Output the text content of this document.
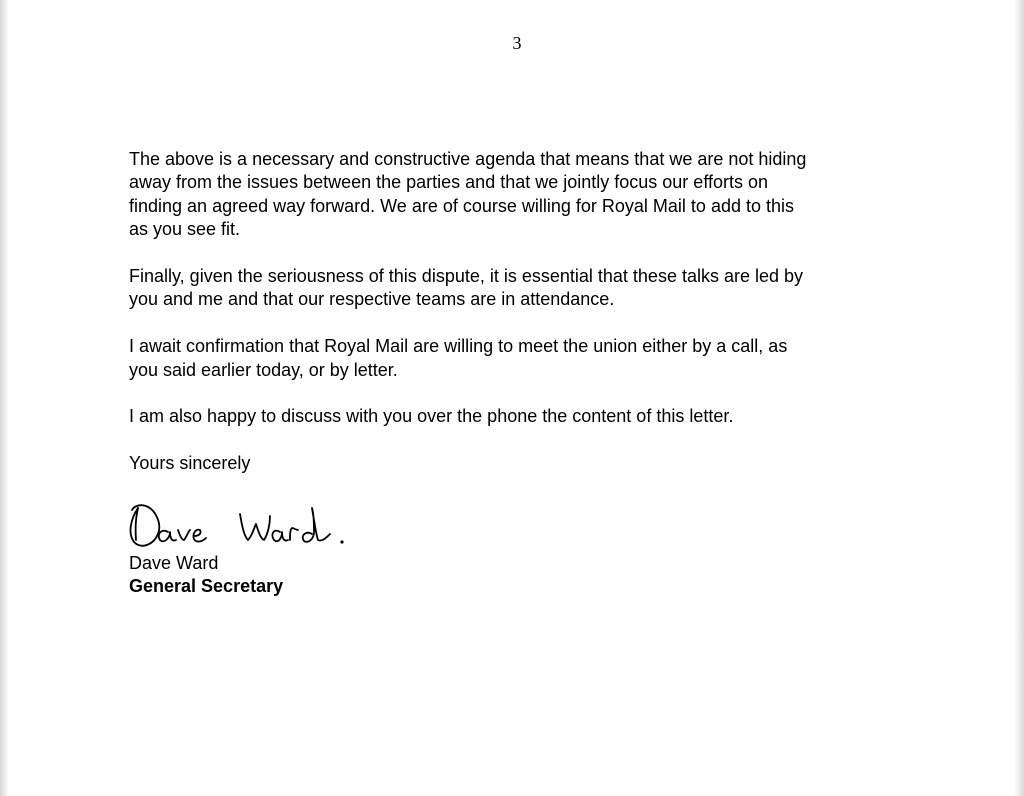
3

The above is a necessary and constructive agenda that means that we are not hiding
away from the issues between the parties and that we jointly focus our efforts on
finding an agreed way forward. We are of course willing for Royal Mail to add to this
as you see fit.

Finally, given the seriousness of this dispute, it is essential that these talks are led by
you and me and that our respective teams are in attendance.

I await confirmation that Royal Mail are willing to meet the union either by a call, as
you said earlier today, or by letter.

I am also happy to discuss with you over the phone the content of this letter.

Yours sincerely
Dave Ward
General Secretary
